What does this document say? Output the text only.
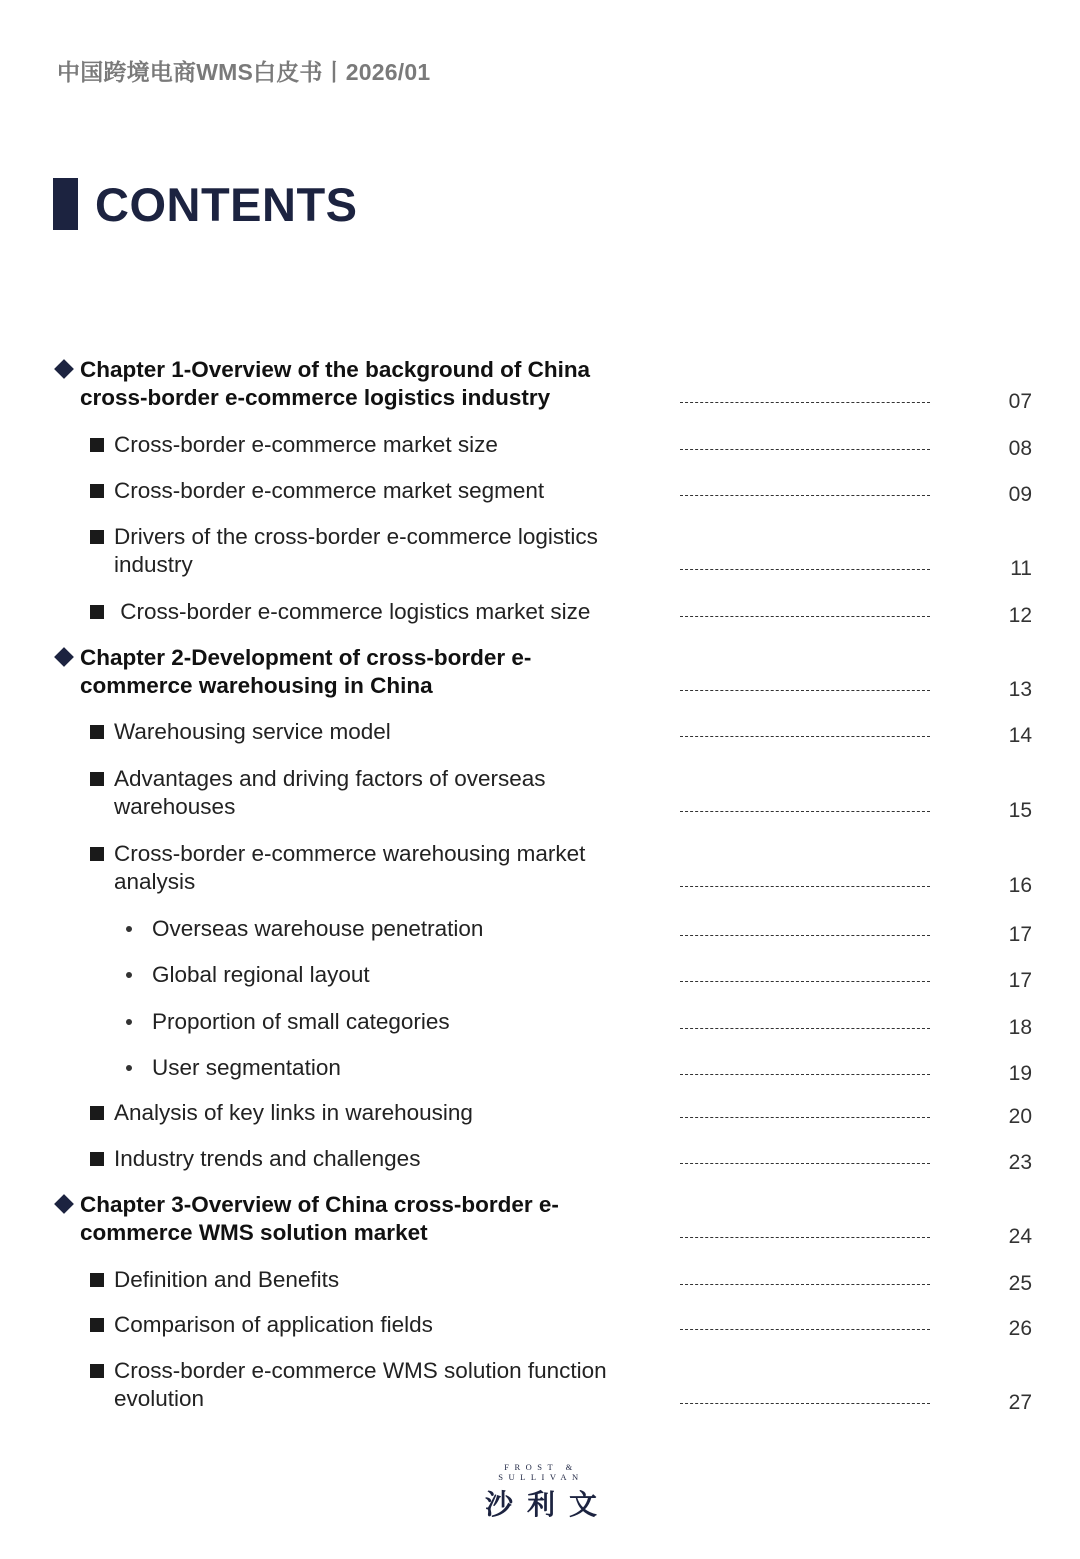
中国跨境电商WMS白皮书丨2026/01
CONTENTS
Chapter 1-Overview of the background of China
cross-border e-commerce logistics industry	07
Cross-border e-commerce market size	08
Cross-border e-commerce market segment	09
Drivers of the cross-border e-commerce logistics
industry	11
Cross-border e-commerce logistics market size	12
Chapter 2-Development of cross-border e-
commerce warehousing in China	13
Warehousing service model	14
Advantages and driving factors of overseas
warehouses	15
Cross-border e-commerce warehousing market
analysis	16
Overseas warehouse penetration	17
Global regional layout	17
Proportion of small categories	18
User segmentation	19
Analysis of key links in warehousing	20
Industry trends and challenges	23
Chapter 3-Overview of China cross-border e-
commerce WMS solution market	24
Definition and Benefits	25
Comparison of application fields	26
Cross-border e-commerce WMS solution function
evolution	27
FROST & SULLIVAN
沙利文
